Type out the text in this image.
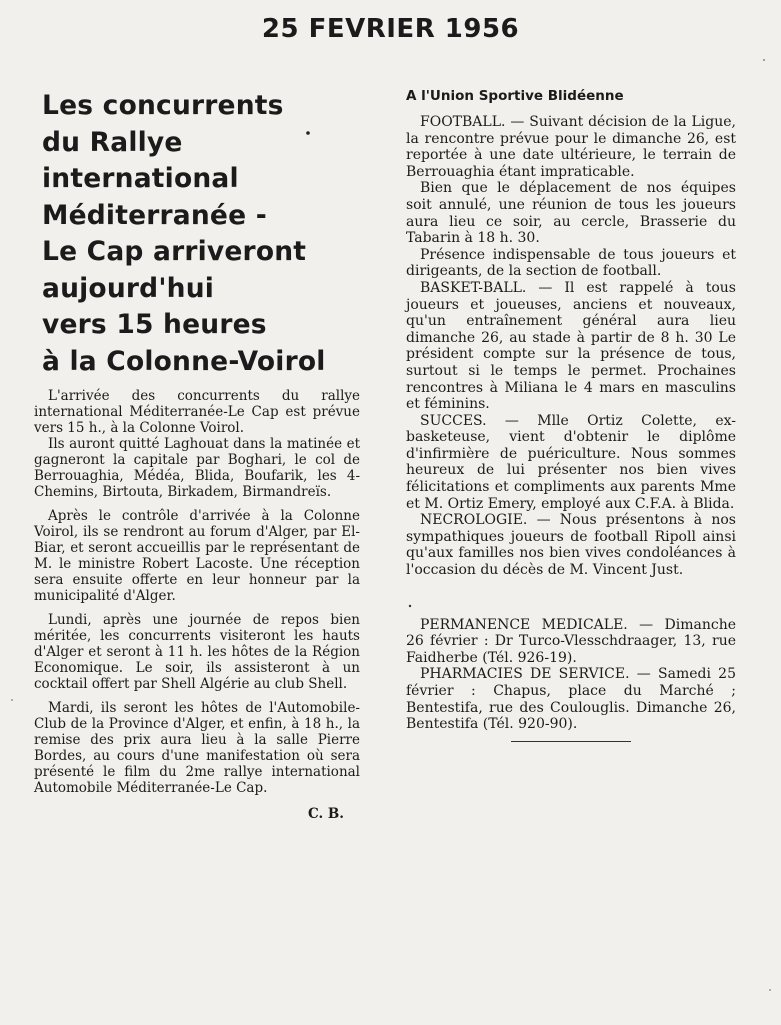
25 FEVRIER 1956
Les concurrents
du Rallye
international
Méditerranée -
Le Cap arriveront
aujourd'hui
vers 15 heures
à la Colonne-Voirol

L'arrivée des concurrents du rallye international Méditerranée-Le Cap est prévue vers 15 h., à la Colonne Voirol.

Ils auront quitté Laghouat dans la matinée et gagneront la capitale par Boghari, le col de Berrouaghia, Médéa, Blida, Boufarik, les 4-Chemins, Birtouta, Birkadem, Birmandreïs.

Après le contrôle d'arrivée à la Colonne Voirol, ils se rendront au forum d'Alger, par El-Biar, et seront accueillis par le représentant de M. le ministre Robert Lacoste. Une réception sera ensuite offerte en leur honneur par la municipalité d'Alger.

Lundi, après une journée de repos bien méritée, les concurrents visiteront les hauts d'Alger et seront à 11 h. les hôtes de la Région Economique. Le soir, ils assisteront à un cocktail offert par Shell Algérie au club Shell.

Mardi, ils seront les hôtes de l'Automobile-Club de la Province d'Alger, et enfin, à 18 h., la remise des prix aura lieu à la salle Pierre Bordes, au cours d'une manifestation où sera présenté le film du 2me rallye international Automobile Méditerranée-Le Cap.

C. B.
A l'Union Sportive Blidéenne

FOOTBALL. — Suivant décision de la Ligue, la rencontre prévue pour le dimanche 26, est reportée à une date ultérieure, le terrain de Berrouaghia étant impraticable.

Bien que le déplacement de nos équipes soit annulé, une réunion de tous les joueurs aura lieu ce soir, au cercle, Brasserie du Tabarin à 18 h. 30.

Présence indispensable de tous joueurs et dirigeants, de la section de football.

BASKET-BALL. — Il est rappelé à tous joueurs et joueuses, anciens et nouveaux, qu'un entraînement général aura lieu dimanche 26, au stade à partir de 8 h. 30 Le président compte sur la présence de tous, surtout si le temps le permet. Prochaines rencontres à Miliana le 4 mars en masculins et féminins.

SUCCES. — Mlle Ortiz Colette, ex-basketeuse, vient d'obtenir le diplôme d'infirmière de puériculture. Nous sommes heureux de lui présenter nos bien vives félicitations et compliments aux parents Mme et M. Ortiz Emery, employé aux C.F.A. à Blida.

NECROLOGIE. — Nous présentons à nos sympathiques joueurs de football Ripoll ainsi qu'aux familles nos bien vives condoléances à l'occasion du décès de M. Vincent Just.

PERMANENCE MEDICALE. — Dimanche 26 février : Dr Turco-Vlesschdraager, 13, rue Faidherbe (Tél. 926-19).

PHARMACIES DE SERVICE. — Samedi 25 février : Chapus, place du Marché ; Bentestifa, rue des Coulouglis. Dimanche 26, Bentestifa (Tél. 920-90).
